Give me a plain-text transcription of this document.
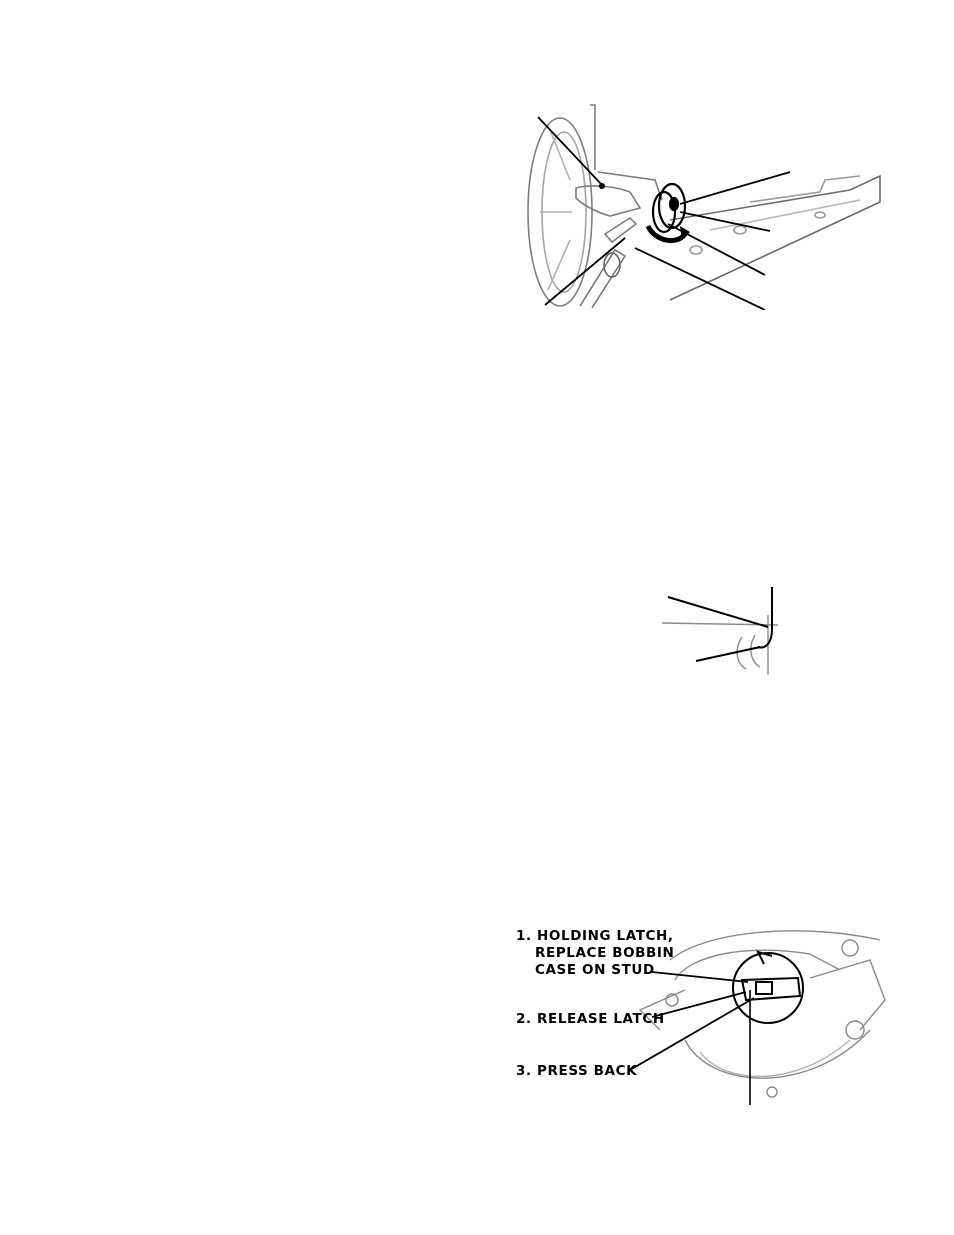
1. HOLDING LATCH,
REPLACE BOBBIN
CASE ON STUD
2. RELEASE LATCH
3. PRESS BACK
